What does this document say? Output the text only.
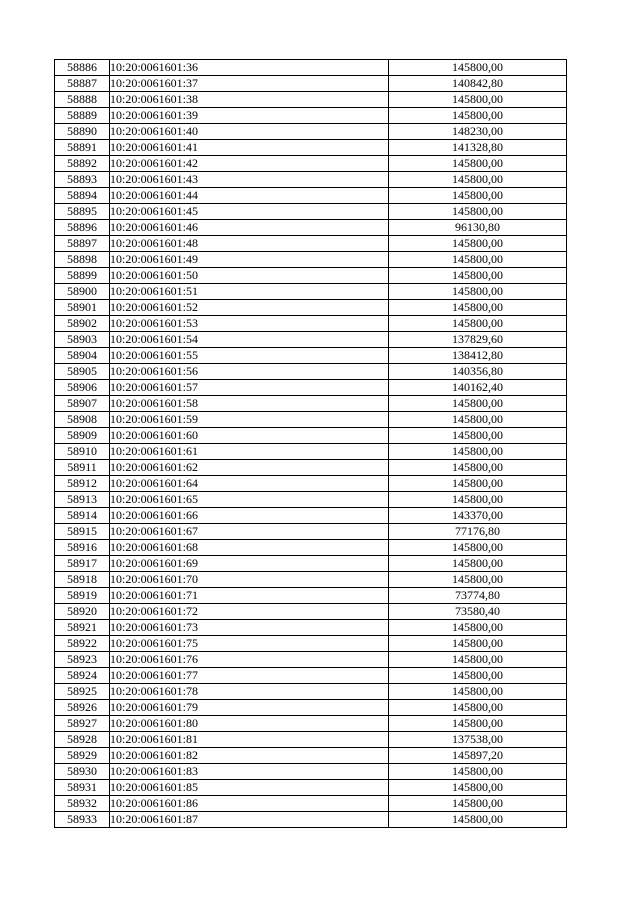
58886	10:20:0061601:36	145800,00
58887	10:20:0061601:37	140842,80
58888	10:20:0061601:38	145800,00
58889	10:20:0061601:39	145800,00
58890	10:20:0061601:40	148230,00
58891	10:20:0061601:41	141328,80
58892	10:20:0061601:42	145800,00
58893	10:20:0061601:43	145800,00
58894	10:20:0061601:44	145800,00
58895	10:20:0061601:45	145800,00
58896	10:20:0061601:46	96130,80
58897	10:20:0061601:48	145800,00
58898	10:20:0061601:49	145800,00
58899	10:20:0061601:50	145800,00
58900	10:20:0061601:51	145800,00
58901	10:20:0061601:52	145800,00
58902	10:20:0061601:53	145800,00
58903	10:20:0061601:54	137829,60
58904	10:20:0061601:55	138412,80
58905	10:20:0061601:56	140356,80
58906	10:20:0061601:57	140162,40
58907	10:20:0061601:58	145800,00
58908	10:20:0061601:59	145800,00
58909	10:20:0061601:60	145800,00
58910	10:20:0061601:61	145800,00
58911	10:20:0061601:62	145800,00
58912	10:20:0061601:64	145800,00
58913	10:20:0061601:65	145800,00
58914	10:20:0061601:66	143370,00
58915	10:20:0061601:67	77176,80
58916	10:20:0061601:68	145800,00
58917	10:20:0061601:69	145800,00
58918	10:20:0061601:70	145800,00
58919	10:20:0061601:71	73774,80
58920	10:20:0061601:72	73580,40
58921	10:20:0061601:73	145800,00
58922	10:20:0061601:75	145800,00
58923	10:20:0061601:76	145800,00
58924	10:20:0061601:77	145800,00
58925	10:20:0061601:78	145800,00
58926	10:20:0061601:79	145800,00
58927	10:20:0061601:80	145800,00
58928	10:20:0061601:81	137538,00
58929	10:20:0061601:82	145897,20
58930	10:20:0061601:83	145800,00
58931	10:20:0061601:85	145800,00
58932	10:20:0061601:86	145800,00
58933	10:20:0061601:87	145800,00
